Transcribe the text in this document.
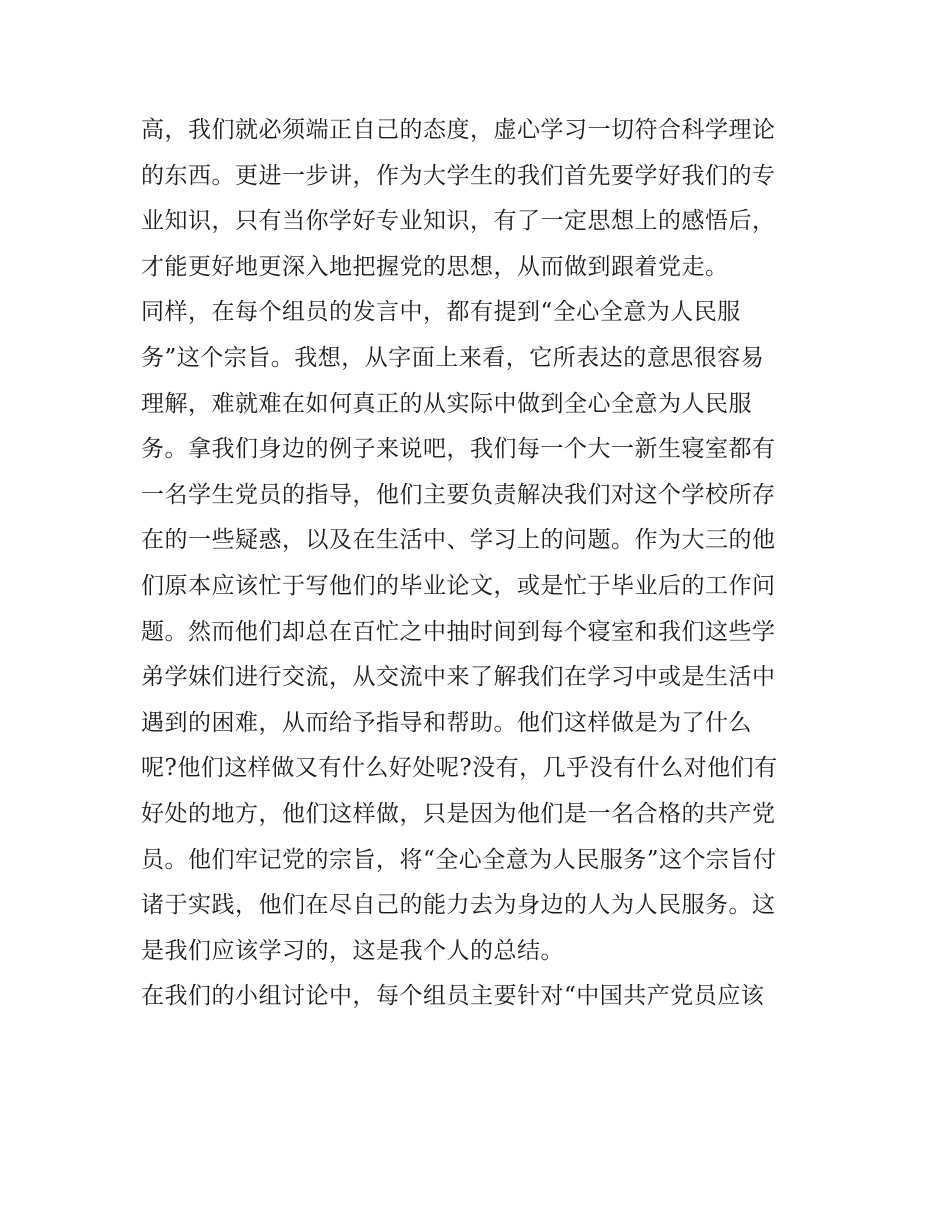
高，我们就必须端正自己的态度，虚心学习一切符合科学理论
的东西。更进一步讲，作为大学生的我们首先要学好我们的专
业知识，只有当你学好专业知识，有了一定思想上的感悟后，
才能更好地更深入地把握党的思想，从而做到跟着党走。
同样，在每个组员的发言中，都有提到“全心全意为人民服
务”这个宗旨。我想，从字面上来看，它所表达的意思很容易
理解，难就难在如何真正的从实际中做到全心全意为人民服
务。拿我们身边的例子来说吧，我们每一个大一新生寝室都有
一名学生党员的指导，他们主要负责解决我们对这个学校所存
在的一些疑惑，以及在生活中、学习上的问题。作为大三的他
们原本应该忙于写他们的毕业论文，或是忙于毕业后的工作问
题。然而他们却总在百忙之中抽时间到每个寝室和我们这些学
弟学妹们进行交流，从交流中来了解我们在学习中或是生活中
遇到的困难，从而给予指导和帮助。他们这样做是为了什么
呢?他们这样做又有什么好处呢?没有，几乎没有什么对他们有
好处的地方，他们这样做，只是因为他们是一名合格的共产党
员。他们牢记党的宗旨，将“全心全意为人民服务”这个宗旨付
诸于实践，他们在尽自己的能力去为身边的人为人民服务。这
是我们应该学习的，这是我个人的总结。
在我们的小组讨论中，每个组员主要针对“中国共产党员应该
